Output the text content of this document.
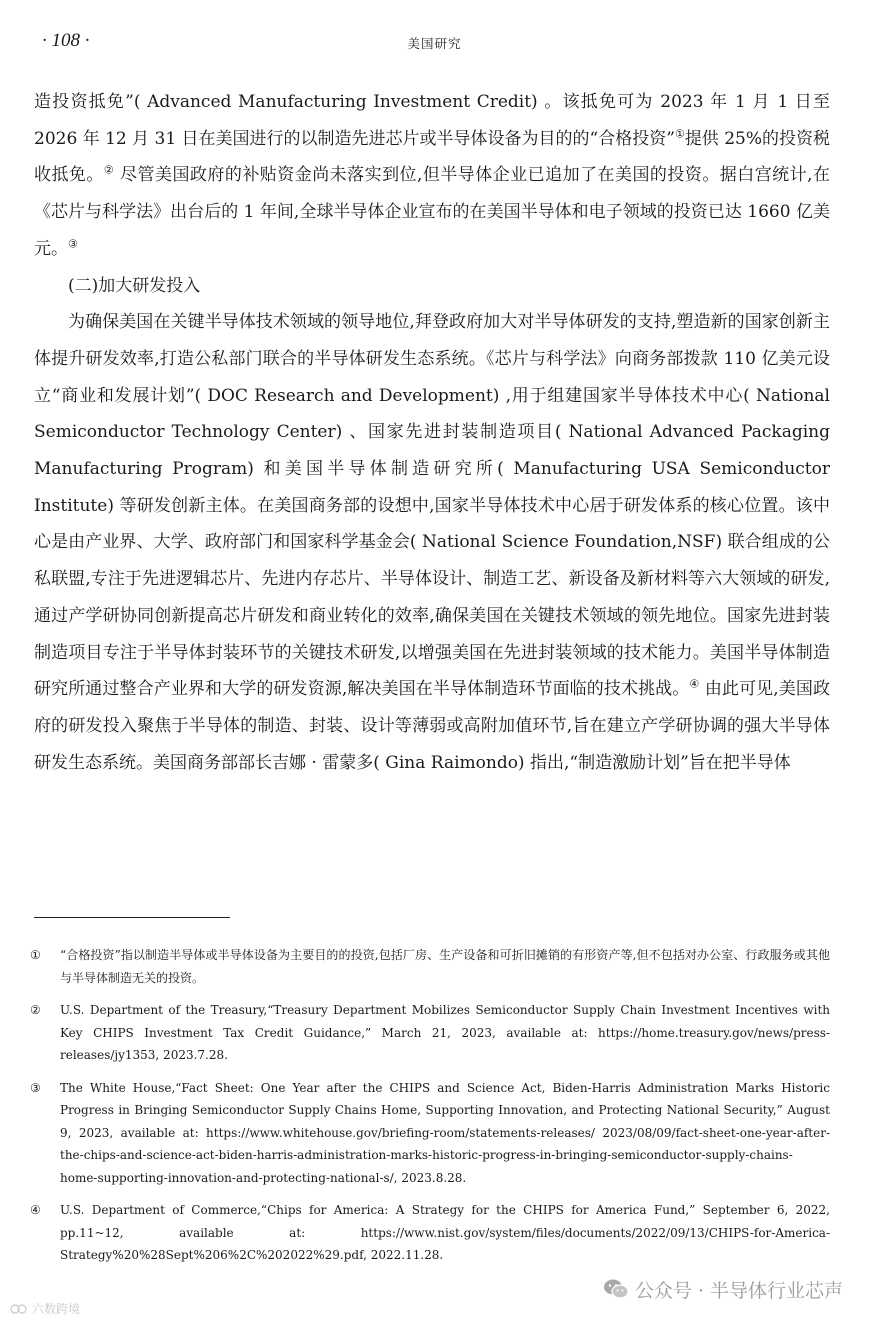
· 108 ·	美国研究

造投资抵免”( Advanced Manufacturing Investment Credit) 。该抵免可为 2023 年 1 月 1 日至 2026 年 12 月 31 日在美国进行的以制造先进芯片或半导体设备为目的的“合格投资”①提供 25%的投资税收抵免。② 尽管美国政府的补贴资金尚未落实到位,但半导体企业已追加了在美国的投资。据白宫统计,在《芯片与科学法》出台后的 1 年间,全球半导体企业宣布的在美国半导体和电子领域的投资已达 1660 亿美元。③

(二)加大研发投入

为确保美国在关键半导体技术领域的领导地位,拜登政府加大对半导体研发的支持,塑造新的国家创新主体提升研发效率,打造公私部门联合的半导体研发生态系统。《芯片与科学法》向商务部拨款 110 亿美元设立“商业和发展计划”( DOC Research and Development) ,用于组建国家半导体技术中心( National Semiconductor Technology Center) 、国家先进封装制造项目( National Advanced Packaging Manufacturing Program) 和美国半导体制造研究所( Manufacturing USA Semiconductor Institute) 等研发创新主体。在美国商务部的设想中,国家半导体技术中心居于研发体系的核心位置。该中心是由产业界、大学、政府部门和国家科学基金会( National Science Foundation,NSF) 联合组成的公私联盟,专注于先进逻辑芯片、先进内存芯片、半导体设计、制造工艺、新设备及新材料等六大领域的研发,通过产学研协同创新提高芯片研发和商业转化的效率,确保美国在关键技术领域的领先地位。国家先进封装制造项目专注于半导体封装环节的关键技术研发,以增强美国在先进封装领域的技术能力。美国半导体制造研究所通过整合产业界和大学的研发资源,解决美国在半导体制造环节面临的技术挑战。④ 由此可见,美国政府的研发投入聚焦于半导体的制造、封装、设计等薄弱或高附加值环节,旨在建立产学研协调的强大半导体研发生态系统。美国商务部部长吉娜 · 雷蒙多( Gina Raimondo) 指出,“制造激励计划”旨在把半导体

① “合格投资”指以制造半导体或半导体设备为主要目的的投资,包括厂房、生产设备和可折旧摊销的有形资产等,但不包括对办公室、行政服务或其他与半导体制造无关的投资。
② U.S. Department of the Treasury,“Treasury Department Mobilizes Semiconductor Supply Chain Investment Incentives with Key CHIPS Investment Tax Credit Guidance,” March 21, 2023, available at: https://home.treasury.gov/news/press-releases/jy1353, 2023.7.28.
③ The White House,“Fact Sheet: One Year after the CHIPS and Science Act, Biden-Harris Administration Marks Historic Progress in Bringing Semiconductor Supply Chains Home, Supporting Innovation, and Protecting National Security,” August 9, 2023, available at: https://www.whitehouse.gov/briefing-room/statements-releases/ 2023/08/09/fact-sheet-one-year-after-the-chips-and-science-act-biden-harris-administration-marks-historic-progress-in-bringing-semiconductor-supply-chains-home-supporting-innovation-and-protecting-national-s/, 2023.8.28.
④ U.S. Department of Commerce,“Chips for America: A Strategy for the CHIPS for America Fund,” September 6, 2022, pp.11~12, available at: https://www.nist.gov/system/files/documents/2022/09/13/CHIPS-for-America-Strategy%20%28Sept%206%2C%202022%29.pdf, 2022.11.28.
公众号 · 半导体行业芯声
六数跨境
